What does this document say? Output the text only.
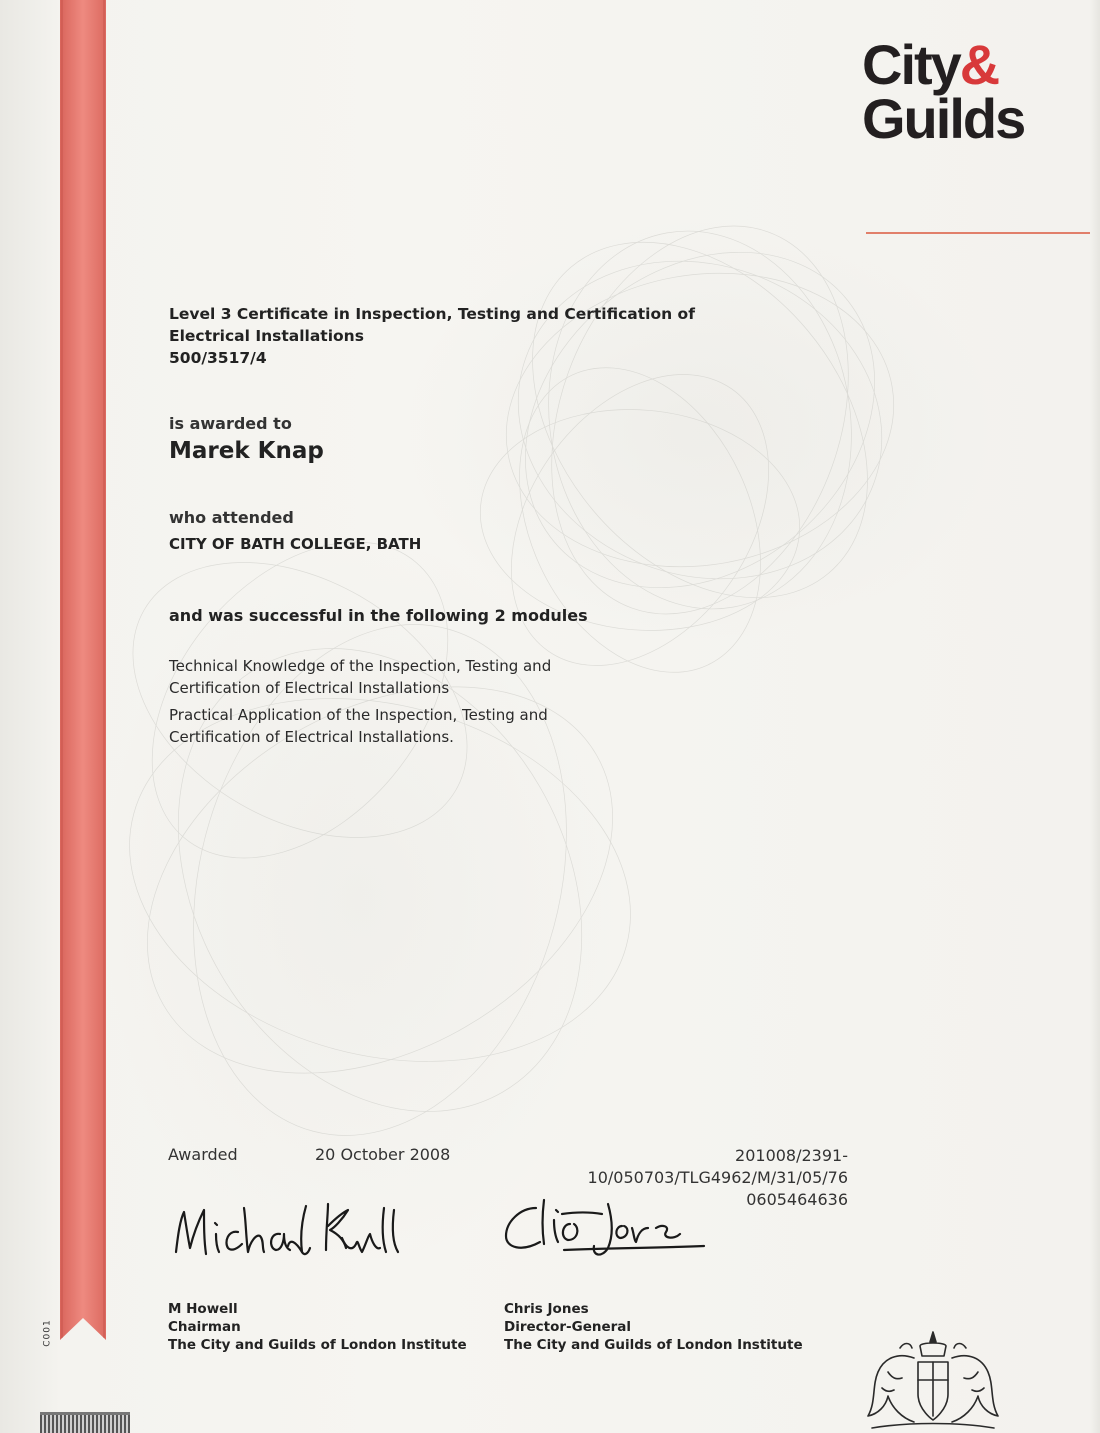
C001
City&
Guilds
Level 3 Certificate in Inspection, Testing and Certification of
Electrical Installations
500/3517/4
is awarded to
Marek Knap
who attended
CITY OF BATH COLLEGE, BATH
and was successful in the following 2 modules
Technical Knowledge of the Inspection, Testing and
Certification of Electrical Installations
Practical Application of the Inspection, Testing and
Certification of Electrical Installations.
Awarded	20 October 2008	201008/2391-10/050703/TLG4962/M/31/05/76
0605464636
M Howell
Chairman
The City and Guilds of London Institute
Chris Jones
Director-General
The City and Guilds of London Institute
